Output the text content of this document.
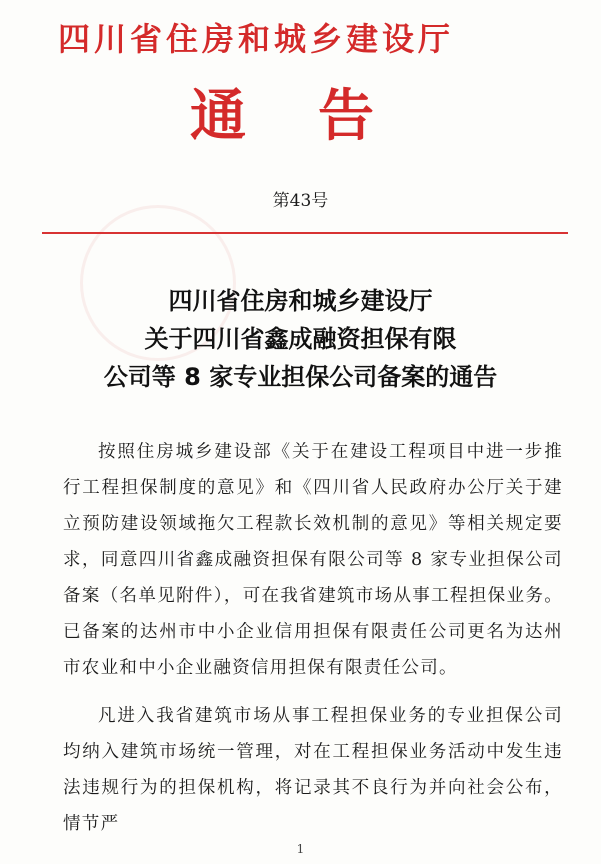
四川省住房和城乡建设厅
通告
第43号
四川省住房和城乡建设厅
关于四川省鑫成融资担保有限
公司等 8 家专业担保公司备案的通告

按照住房城乡建设部《关于在建设工程项目中进一步推行工程担保制度的意见》和《四川省人民政府办公厅关于建立预防建设领域拖欠工程款长效机制的意见》等相关规定要求，同意四川省鑫成融资担保有限公司等 8 家专业担保公司备案（名单见附件），可在我省建筑市场从事工程担保业务。已备案的达州市中小企业信用担保有限责任公司更名为达州市农业和中小企业融资信用担保有限责任公司。

凡进入我省建筑市场从事工程担保业务的专业担保公司均纳入建筑市场统一管理，对在工程担保业务活动中发生违法违规行为的担保机构，将记录其不良行为并向社会公布，情节严

1
